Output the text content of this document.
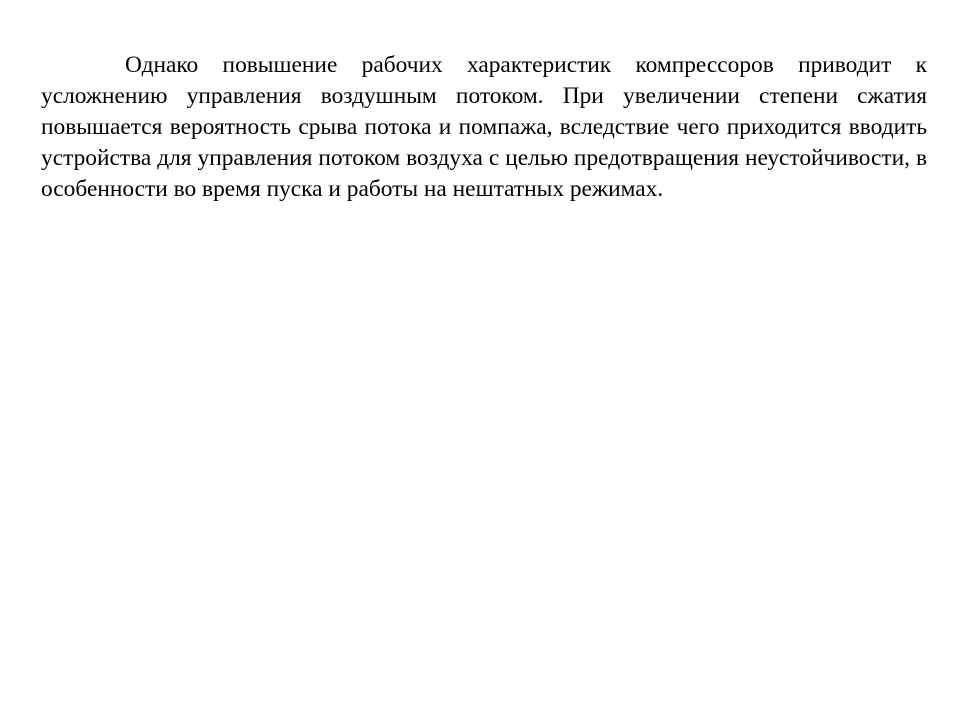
Однако повышение рабочих характеристик компрессоров приводит к усложнению управления воздушным потоком. При увеличении степени сжатия повышается вероятность срыва потока и помпажа, вследствие чего приходится вводить устройства для управления потоком воздуха с целью предотвращения неустойчивости, в особенности во время пуска и работы на нештатных режимах.
